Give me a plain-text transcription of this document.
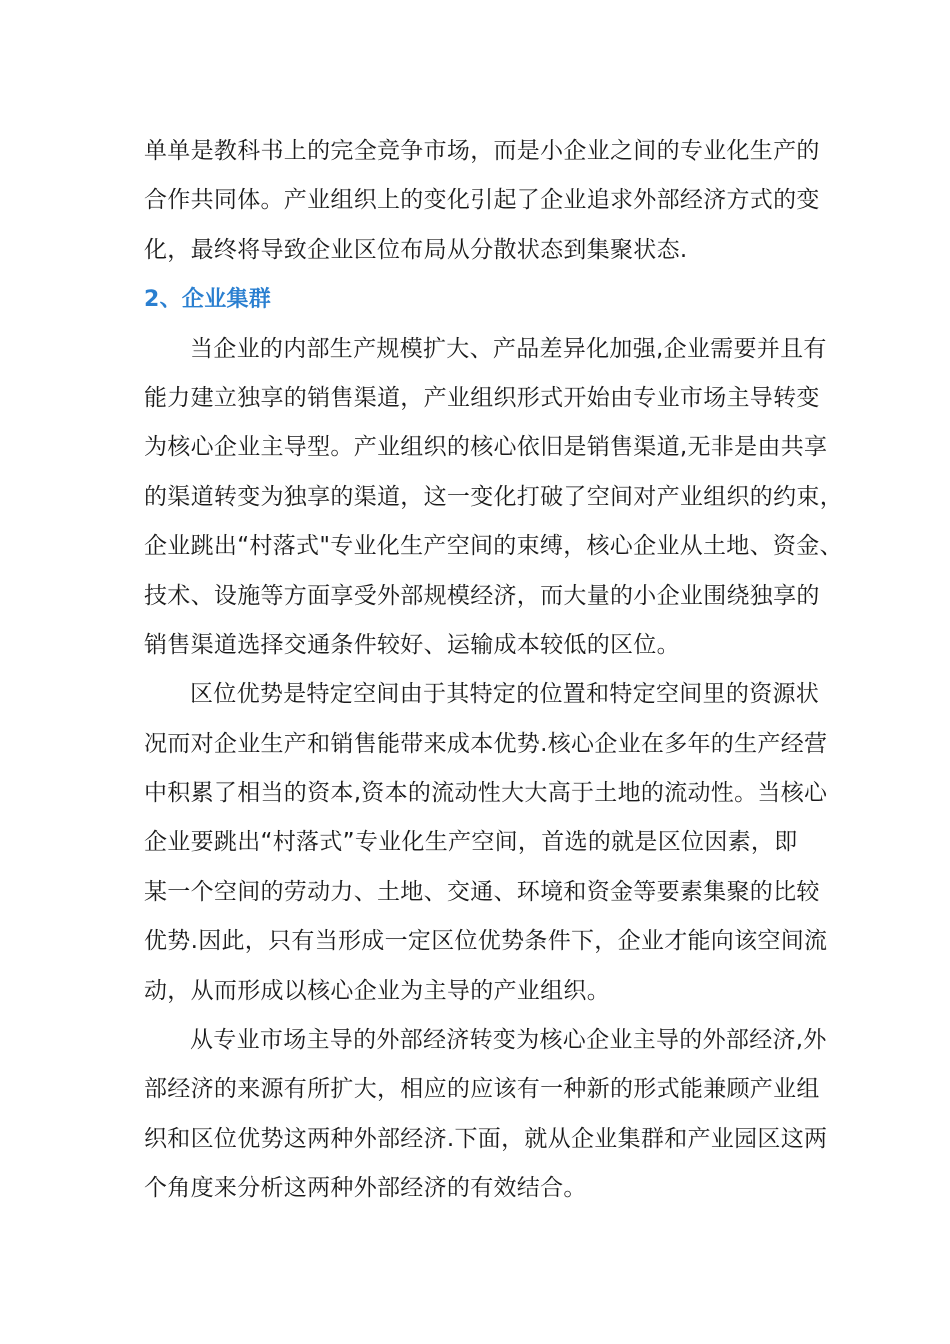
单单是教科书上的完全竞争市场，而是小企业之间的专业化生产的
合作共同体。产业组织上的变化引起了企业追求外部经济方式的变
化，最终将导致企业区位布局从分散状态到集聚状态.
2、企业集群
当企业的内部生产规模扩大、产品差异化加强,企业需要并且有
能力建立独享的销售渠道，产业组织形式开始由专业市场主导转变
为核心企业主导型。产业组织的核心依旧是销售渠道,无非是由共享
的渠道转变为独享的渠道，这一变化打破了空间对产业组织的约束，
企业跳出“村落式"专业化生产空间的束缚，核心企业从土地、资金、
技术、设施等方面享受外部规模经济，而大量的小企业围绕独享的
销售渠道选择交通条件较好、运输成本较低的区位。
区位优势是特定空间由于其特定的位置和特定空间里的资源状
况而对企业生产和销售能带来成本优势.核心企业在多年的生产经营
中积累了相当的资本,资本的流动性大大高于土地的流动性。当核心
企业要跳出“村落式”专业化生产空间，首选的就是区位因素，即
某一个空间的劳动力、土地、交通、环境和资金等要素集聚的比较
优势.因此，只有当形成一定区位优势条件下，企业才能向该空间流
动，从而形成以核心企业为主导的产业组织。
从专业市场主导的外部经济转变为核心企业主导的外部经济,外
部经济的来源有所扩大，相应的应该有一种新的形式能兼顾产业组
织和区位优势这两种外部经济.下面，就从企业集群和产业园区这两
个角度来分析这两种外部经济的有效结合。
